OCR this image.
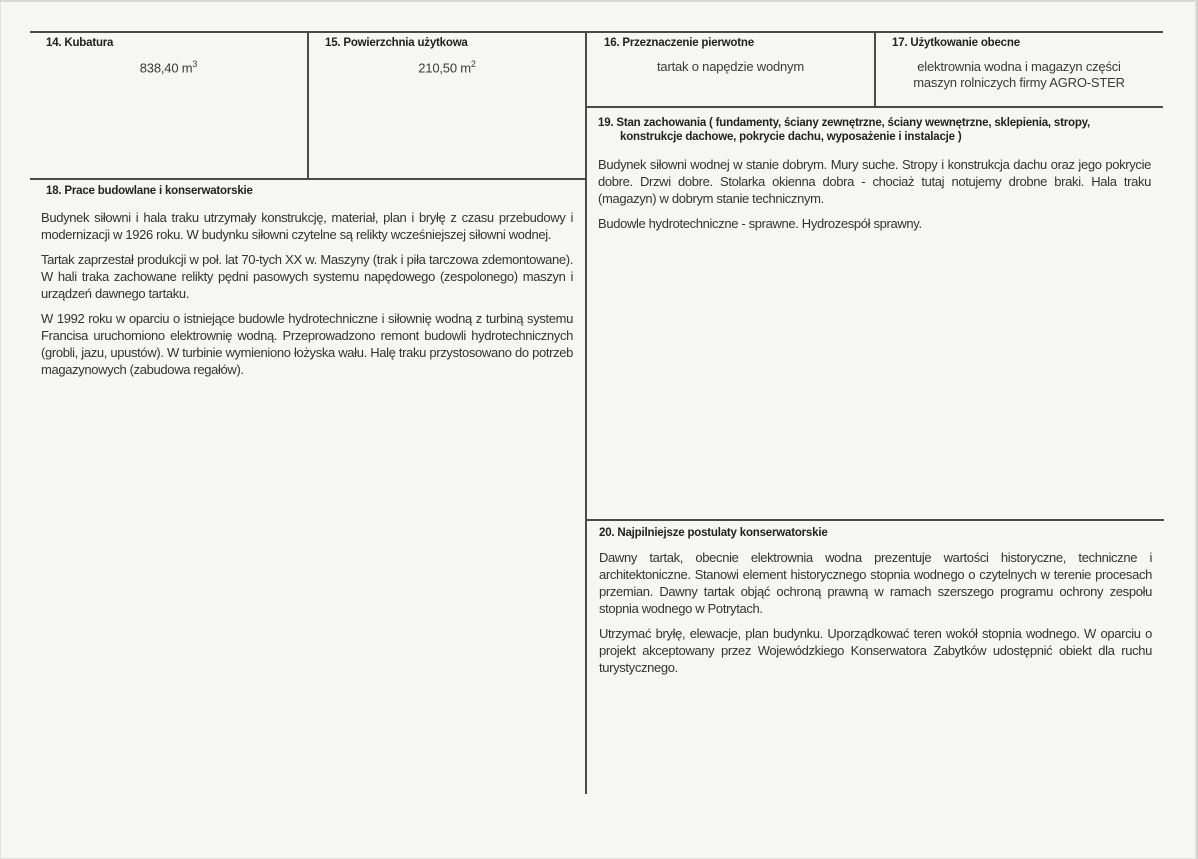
14. Kubatura
838,40 $m^3$
15. Powierzchnia użytkowa
210,50 $m^2$
16. Przeznaczenie pierwotne
tartak o napędzie wodnym
17. Użytkowanie obecne
elektrownia wodna i magazyn części
maszyn rolniczych firmy AGRO-STER
19. Stan zachowania ( fundamenty, ściany zewnętrzne, ściany wewnętrzne, sklepienia, stropy,
konstrukcje dachowe, pokrycie dachu, wyposażenie i instalacje )

Budynek siłowni wodnej w stanie dobrym. Mury suche. Stropy i konstrukcja dachu oraz jego pokrycie dobre. Drzwi dobre. Stolarka okienna dobra - chociaż tutaj notujemy drobne braki. Hala traku (magazyn) w dobrym stanie technicznym.

Budowle hydrotechniczne - sprawne. Hydrozespół sprawny.

18. Prace budowlane i konserwatorskie

Budynek siłowni i hala traku utrzymały konstrukcję, materiał, plan i bryłę z czasu przebudowy i modernizacji w 1926 roku. W budynku siłowni czytelne są relikty wcześniejszej siłowni wodnej.

Tartak zaprzestał produkcji w poł. lat 70-tych XX w. Maszyny (trak i piła tarczowa zdemontowane). W hali traka zachowane relikty pędni pasowych systemu napędowego (zespolonego) maszyn i urządzeń dawnego tartaku.

W 1992 roku w oparciu o istniejące budowle hydrotechniczne i siłownię wodną z turbiną systemu Francisa uruchomiono elektrownię wodną. Przeprowadzono remont budowli hydrotechnicznych (grobli, jazu, upustów). W turbinie wymieniono łożyska wału. Halę traku przystosowano do potrzeb magazynowych (zabudowa regałów).

20. Najpilniejsze postulaty konserwatorskie

Dawny tartak, obecnie elektrownia wodna prezentuje wartości historyczne, techniczne i architektoniczne. Stanowi element historycznego stopnia wodnego o czytelnych w terenie procesach przemian. Dawny tartak objąć ochroną prawną w ramach szerszego programu ochrony zespołu stopnia wodnego w Potrytach.

Utrzymać bryłę, elewacje, plan budynku. Uporządkować teren wokół stopnia wodnego. W oparciu o projekt akceptowany przez Wojewódzkiego Konserwatora Zabytków udostępnić obiekt dla ruchu turystycznego.
